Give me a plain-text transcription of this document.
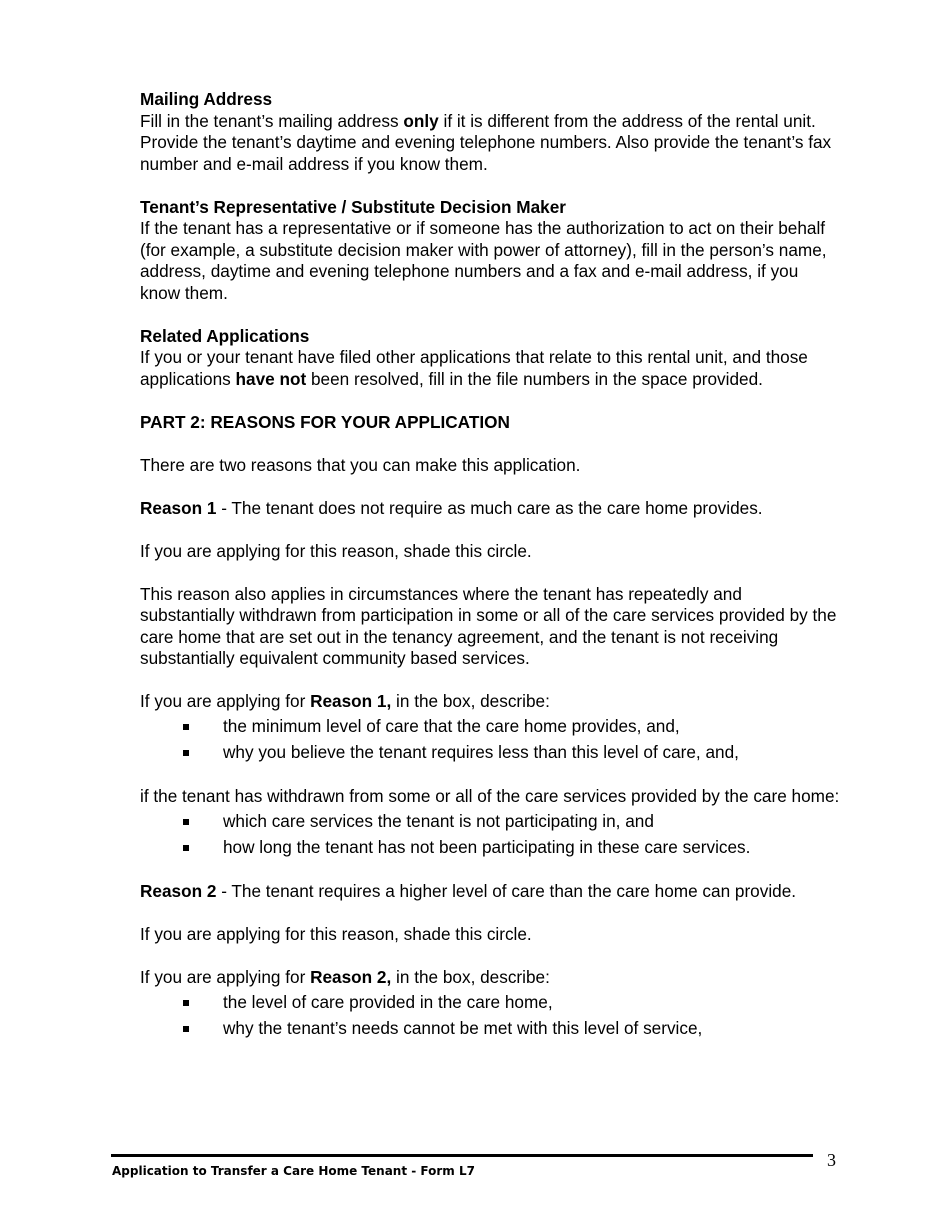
Mailing Address

Fill in the tenant’s mailing address only if it is different from the address of the rental unit. Provide the tenant’s daytime and evening telephone numbers. Also provide the tenant’s fax number and e-mail address if you know them.

Tenant’s Representative / Substitute Decision Maker

If the tenant has a representative or if someone has the authorization to act on their behalf (for example, a substitute decision maker with power of attorney), fill in the person’s name, address, daytime and evening telephone numbers and a fax and e-mail address, if you know them.

Related Applications

If you or your tenant have filed other applications that relate to this rental unit, and those applications have not been resolved, fill in the file numbers in the space provided.

PART 2: REASONS FOR YOUR APPLICATION

There are two reasons that you can make this application.

Reason 1 - The tenant does not require as much care as the care home provides.

If you are applying for this reason, shade this circle.

This reason also applies in circumstances where the tenant has repeatedly and substantially withdrawn from participation in some or all of the care services provided by the care home that are set out in the tenancy agreement, and the tenant is not receiving substantially equivalent community based services.

If you are applying for Reason 1, in the box, describe:

the minimum level of care that the care home provides, and,
why you believe the tenant requires less than this level of care, and,

if the tenant has withdrawn from some or all of the care services provided by the care home:

which care services the tenant is not participating in, and
how long the tenant has not been participating in these care services.

Reason 2 - The tenant requires a higher level of care than the care home can provide.

If you are applying for this reason, shade this circle.

If you are applying for Reason 2, in the box, describe:

the level of care provided in the care home,
why the tenant’s needs cannot be met with this level of service,
Application to Transfer a Care Home Tenant - Form L7
3
